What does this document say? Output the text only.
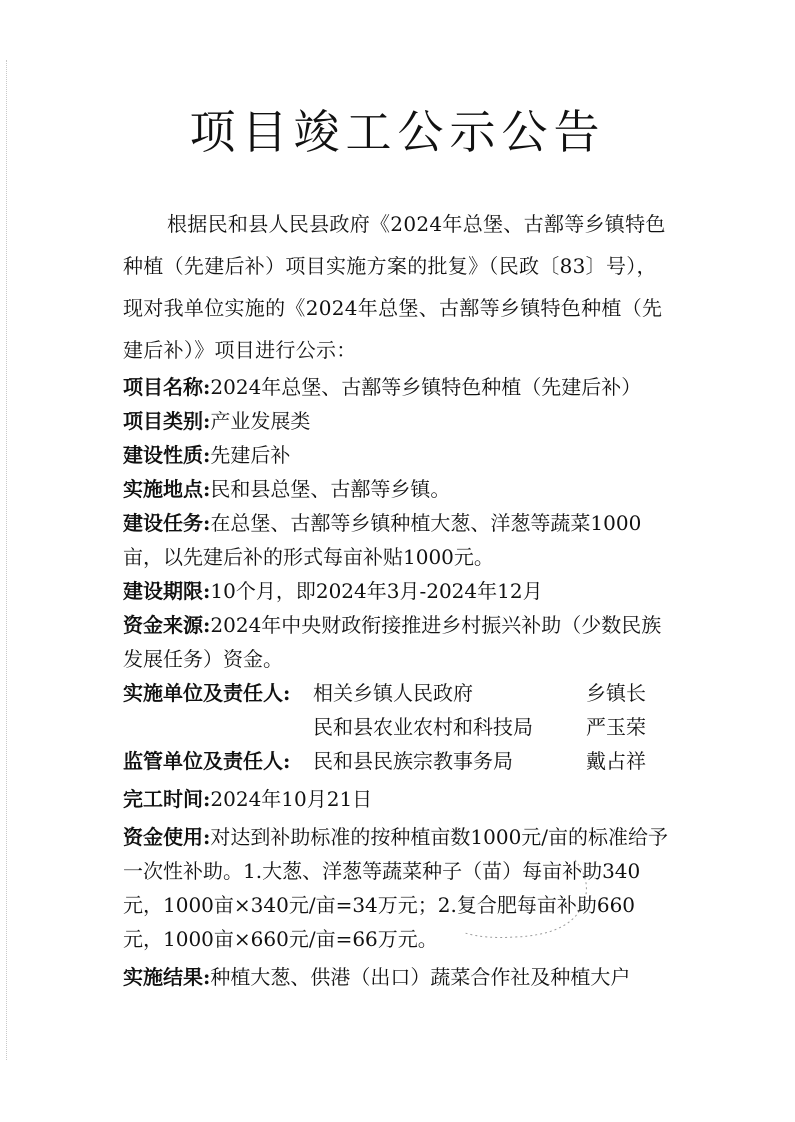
项目竣工公示公告

根据民和县人民县政府《2024年总堡、古鄯等乡镇特色种植（先建后补）项目实施方案的批复》（民政〔83〕号），现对我单位实施的《2024年总堡、古鄯等乡镇特色种植（先建后补）》项目进行公示：

项目名称:2024年总堡、古鄯等乡镇特色种植（先建后补）
项目类别:产业发展类
建设性质:先建后补
实施地点:民和县总堡、古鄯等乡镇。
建设任务:在总堡、古鄯等乡镇种植大葱、洋葱等蔬菜1000亩，以先建后补的形式每亩补贴1000元。
建设期限:10个月，即2024年3月-2024年12月
资金来源:2024年中央财政衔接推进乡村振兴补助（少数民族发展任务）资金。
实施单位及责任人: 相关乡镇人民政府	乡镇长
民和县农业农村和科技局	严玉荣
监管单位及责任人: 民和县民族宗教事务局	戴占祥
完工时间:2024年10月21日
资金使用:对达到补助标准的按种植亩数1000元/亩的标准给予一次性补助。1.大葱、洋葱等蔬菜种子（苗）每亩补助340元，1000亩×340元/亩=34万元；2.复合肥每亩补助660元，1000亩×660元/亩=66万元。
实施结果:种植大葱、供港（出口）蔬菜合作社及种植大户
